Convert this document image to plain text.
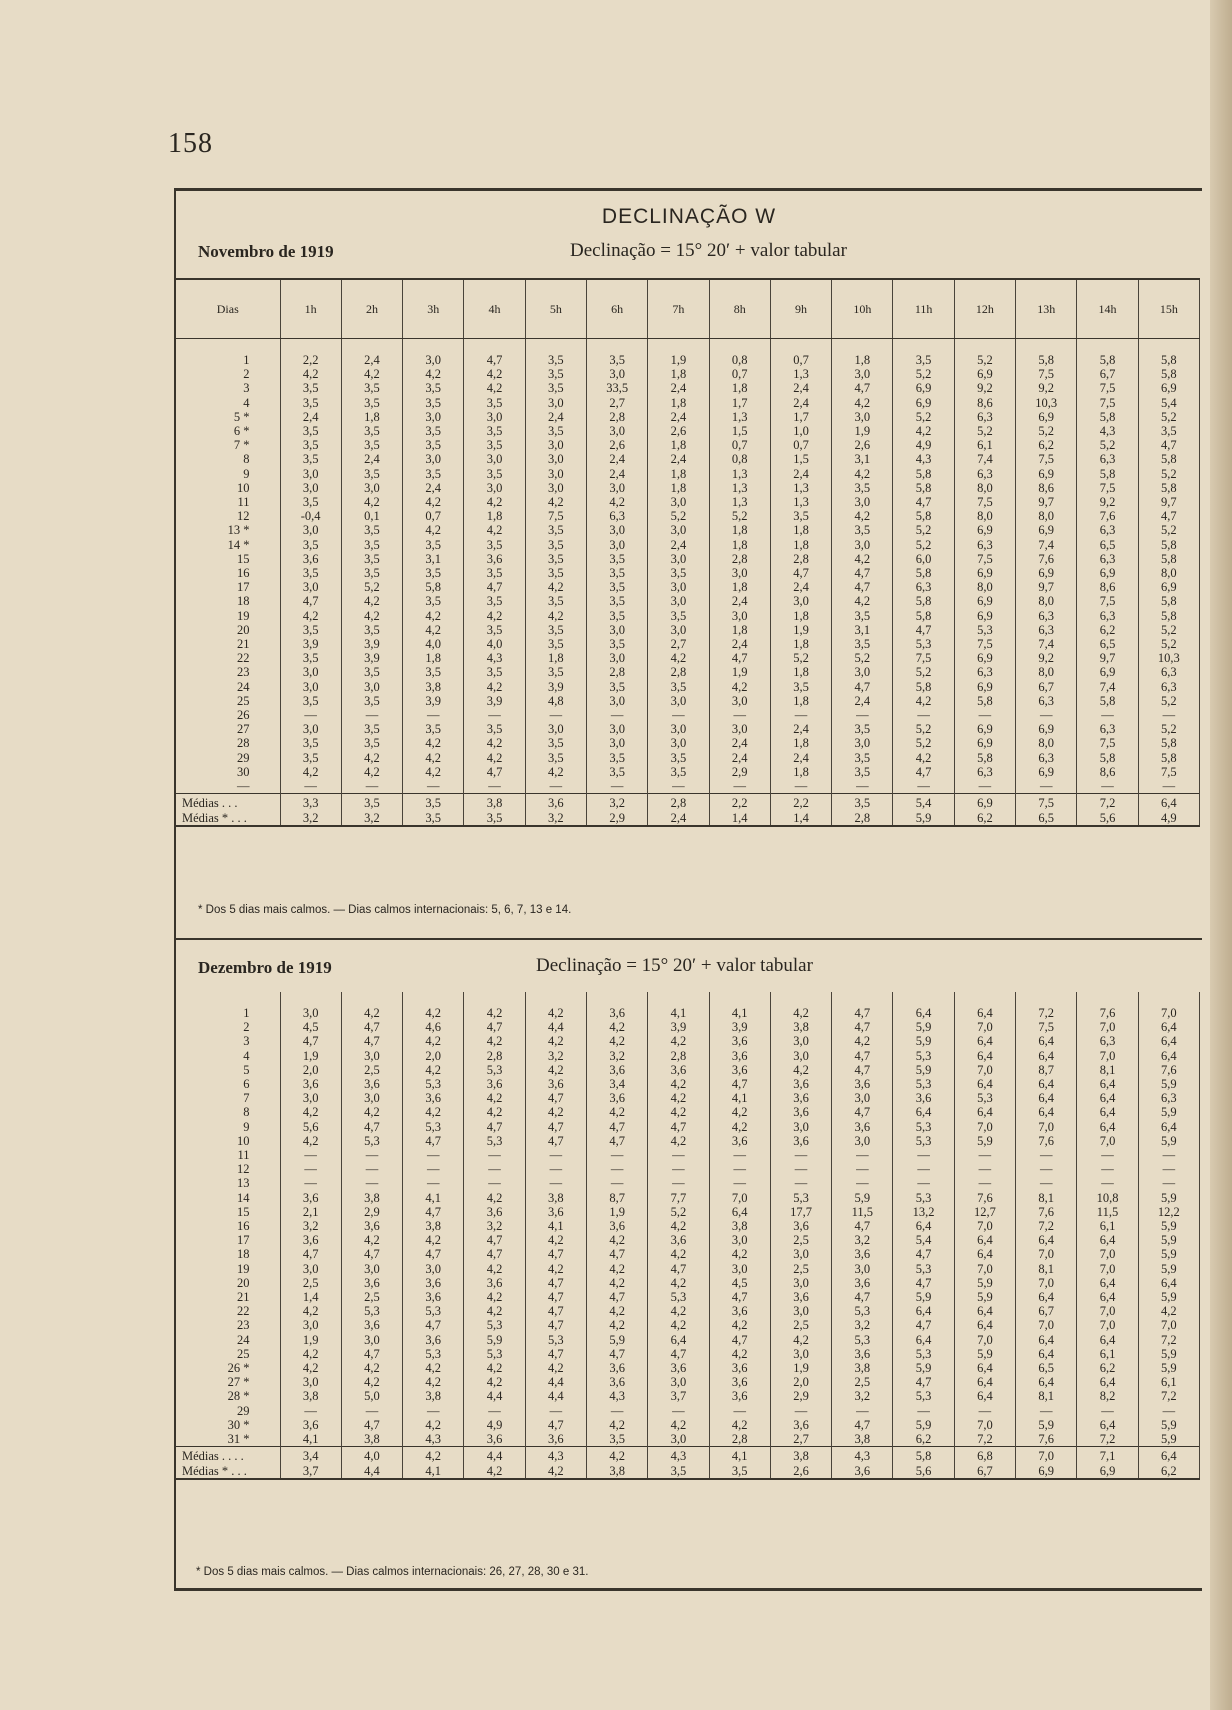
158
DECLINAÇÃO W
Novembro de 1919	Declinação = 15° 20′ + valor tabular
Dias	1h	2h	3h	4h	5h	6h	7h	8h	9h	10h	11h	12h	13h	14h	15h
1	2,2	2,4	3,0	4,7	3,5	3,5	1,9	0,8	0,7	1,8	3,5	5,2	5,8	5,8	5,8
2	4,2	4,2	4,2	4,2	3,5	3,0	1,8	0,7	1,3	3,0	5,2	6,9	7,5	6,7	5,8
3	3,5	3,5	3,5	4,2	3,5	33,5	2,4	1,8	2,4	4,7	6,9	9,2	9,2	7,5	6,9
4	3,5	3,5	3,5	3,5	3,0	2,7	1,8	1,7	2,4	4,2	6,9	8,6	10,3	7,5	5,4
5 *	2,4	1,8	3,0	3,0	2,4	2,8	2,4	1,3	1,7	3,0	5,2	6,3	6,9	5,8	5,2
6 *	3,5	3,5	3,5	3,5	3,5	3,0	2,6	1,5	1,0	1,9	4,2	5,2	5,2	4,3	3,5
7 *	3,5	3,5	3,5	3,5	3,0	2,6	1,8	0,7	0,7	2,6	4,9	6,1	6,2	5,2	4,7
8	3,5	2,4	3,0	3,0	3,0	2,4	2,4	0,8	1,5	3,1	4,3	7,4	7,5	6,3	5,8
9	3,0	3,5	3,5	3,5	3,0	2,4	1,8	1,3	2,4	4,2	5,8	6,3	6,9	5,8	5,2
10	3,0	3,0	2,4	3,0	3,0	3,0	1,8	1,3	1,3	3,5	5,8	8,0	8,6	7,5	5,8
11	3,5	4,2	4,2	4,2	4,2	4,2	3,0	1,3	1,3	3,0	4,7	7,5	9,7	9,2	9,7
12	-0,4	0,1	0,7	1,8	7,5	6,3	5,2	5,2	3,5	4,2	5,8	8,0	8,0	7,6	4,7
13 *	3,0	3,5	4,2	4,2	3,5	3,0	3,0	1,8	1,8	3,5	5,2	6,9	6,9	6,3	5,2
14 *	3,5	3,5	3,5	3,5	3,5	3,0	2,4	1,8	1,8	3,0	5,2	6,3	7,4	6,5	5,8
15	3,6	3,5	3,1	3,6	3,5	3,5	3,0	2,8	2,8	4,2	6,0	7,5	7,6	6,3	5,8
16	3,5	3,5	3,5	3,5	3,5	3,5	3,5	3,0	4,7	4,7	5,8	6,9	6,9	6,9	8,0
17	3,0	5,2	5,8	4,7	4,2	3,5	3,0	1,8	2,4	4,7	6,3	8,0	9,7	8,6	6,9
18	4,7	4,2	3,5	3,5	3,5	3,5	3,0	2,4	3,0	4,2	5,8	6,9	8,0	7,5	5,8
19	4,2	4,2	4,2	4,2	4,2	3,5	3,5	3,0	1,8	3,5	5,8	6,9	6,3	6,3	5,8
20	3,5	3,5	4,2	3,5	3,5	3,0	3,0	1,8	1,9	3,1	4,7	5,3	6,3	6,2	5,2
21	3,9	3,9	4,0	4,0	3,5	3,5	2,7	2,4	1,8	3,5	5,3	7,5	7,4	6,5	5,2
22	3,5	3,9	1,8	4,3	1,8	3,0	4,2	4,7	5,2	5,2	7,5	6,9	9,2	9,7	10,3
23	3,0	3,5	3,5	3,5	3,5	2,8	2,8	1,9	1,8	3,0	5,2	6,3	8,0	6,9	6,3
24	3,0	3,0	3,8	4,2	3,9	3,5	3,5	4,2	3,5	4,7	5,8	6,9	6,7	7,4	6,3
25	3,5	3,5	3,9	3,9	4,8	3,0	3,0	3,0	1,8	2,4	4,2	5,8	6,3	5,8	5,2
26	—	—	—	—	—	—	—	—	—	—	—	—	—	—	—
27	3,0	3,5	3,5	3,5	3,0	3,0	3,0	3,0	2,4	3,5	5,2	6,9	6,9	6,3	5,2
28	3,5	3,5	4,2	4,2	3,5	3,0	3,0	2,4	1,8	3,0	5,2	6,9	8,0	7,5	5,8
29	3,5	4,2	4,2	4,2	3,5	3,5	3,5	2,4	2,4	3,5	4,2	5,8	6,3	5,8	5,8
30	4,2	4,2	4,2	4,7	4,2	3,5	3,5	2,9	1,8	3,5	4,7	6,3	6,9	8,6	7,5
—	—	—	—	—	—	—	—	—	—	—	—	—	—	—	—
Médias . . .	3,3	3,5	3,5	3,8	3,6	3,2	2,8	2,2	2,2	3,5	5,4	6,9	7,5	7,2	6,4
Médias * . . .	3,2	3,2	3,5	3,5	3,2	2,9	2,4	1,4	1,4	2,8	5,9	6,2	6,5	5,6	4,9
* Dos 5 dias mais calmos. — Dias calmos internacionais: 5, 6, 7, 13 e 14.
Dezembro de 1919	Declinação = 15° 20′ + valor tabular
1	3,0	4,2	4,2	4,2	4,2	3,6	4,1	4,1	4,2	4,7	6,4	6,4	7,2	7,6	7,0
2	4,5	4,7	4,6	4,7	4,4	4,2	3,9	3,9	3,8	4,7	5,9	7,0	7,5	7,0	6,4
3	4,7	4,7	4,2	4,2	4,2	4,2	4,2	3,6	3,0	4,2	5,9	6,4	6,4	6,3	6,4
4	1,9	3,0	2,0	2,8	3,2	3,2	2,8	3,6	3,0	4,7	5,3	6,4	6,4	7,0	6,4
5	2,0	2,5	4,2	5,3	4,2	3,6	3,6	3,6	4,2	4,7	5,9	7,0	8,7	8,1	7,6
6	3,6	3,6	5,3	3,6	3,6	3,4	4,2	4,7	3,6	3,6	5,3	6,4	6,4	6,4	5,9
7	3,0	3,0	3,6	4,2	4,7	3,6	4,2	4,1	3,6	3,0	3,6	5,3	6,4	6,4	6,3
8	4,2	4,2	4,2	4,2	4,2	4,2	4,2	4,2	3,6	4,7	6,4	6,4	6,4	6,4	5,9
9	5,6	4,7	5,3	4,7	4,7	4,7	4,7	4,2	3,0	3,6	5,3	7,0	7,0	6,4	6,4
10	4,2	5,3	4,7	5,3	4,7	4,7	4,2	3,6	3,6	3,0	5,3	5,9	7,6	7,0	5,9
11	—	—	—	—	—	—	—	—	—	—	—	—	—	—	—
12	—	—	—	—	—	—	—	—	—	—	—	—	—	—	—
13	—	—	—	—	—	—	—	—	—	—	—	—	—	—	—
14	3,6	3,8	4,1	4,2	3,8	8,7	7,7	7,0	5,3	5,9	5,3	7,6	8,1	10,8	5,9
15	2,1	2,9	4,7	3,6	3,6	1,9	5,2	6,4	17,7	11,5	13,2	12,7	7,6	11,5	12,2
16	3,2	3,6	3,8	3,2	4,1	3,6	4,2	3,8	3,6	4,7	6,4	7,0	7,2	6,1	5,9
17	3,6	4,2	4,2	4,7	4,2	4,2	3,6	3,0	2,5	3,2	5,4	6,4	6,4	6,4	5,9
18	4,7	4,7	4,7	4,7	4,7	4,7	4,2	4,2	3,0	3,6	4,7	6,4	7,0	7,0	5,9
19	3,0	3,0	3,0	4,2	4,2	4,2	4,7	3,0	2,5	3,0	5,3	7,0	8,1	7,0	5,9
20	2,5	3,6	3,6	3,6	4,7	4,2	4,2	4,5	3,0	3,6	4,7	5,9	7,0	6,4	6,4
21	1,4	2,5	3,6	4,2	4,7	4,7	5,3	4,7	3,6	4,7	5,9	5,9	6,4	6,4	5,9
22	4,2	5,3	5,3	4,2	4,7	4,2	4,2	3,6	3,0	5,3	6,4	6,4	6,7	7,0	4,2
23	3,0	3,6	4,7	5,3	4,7	4,2	4,2	4,2	2,5	3,2	4,7	6,4	7,0	7,0	7,0
24	1,9	3,0	3,6	5,9	5,3	5,9	6,4	4,7	4,2	5,3	6,4	7,0	6,4	6,4	7,2
25	4,2	4,7	5,3	5,3	4,7	4,7	4,7	4,2	3,0	3,6	5,3	5,9	6,4	6,1	5,9
26 *	4,2	4,2	4,2	4,2	4,2	3,6	3,6	3,6	1,9	3,8	5,9	6,4	6,5	6,2	5,9
27 *	3,0	4,2	4,2	4,2	4,4	3,6	3,0	3,6	2,0	2,5	4,7	6,4	6,4	6,4	6,1
28 *	3,8	5,0	3,8	4,4	4,4	4,3	3,7	3,6	2,9	3,2	5,3	6,4	8,1	8,2	7,2
29	—	—	—	—	—	—	—	—	—	—	—	—	—	—	—
30 *	3,6	4,7	4,2	4,9	4,7	4,2	4,2	4,2	3,6	4,7	5,9	7,0	5,9	6,4	5,9
31 *	4,1	3,8	4,3	3,6	3,6	3,5	3,0	2,8	2,7	3,8	6,2	7,2	7,6	7,2	5,9
Médias . . . .	3,4	4,0	4,2	4,4	4,3	4,2	4,3	4,1	3,8	4,3	5,8	6,8	7,0	7,1	6,4
Médias * . . .	3,7	4,4	4,1	4,2	4,2	3,8	3,5	3,5	2,6	3,6	5,6	6,7	6,9	6,9	6,2
* Dos 5 dias mais calmos. — Dias calmos internacionais: 26, 27, 28, 30 e 31.
